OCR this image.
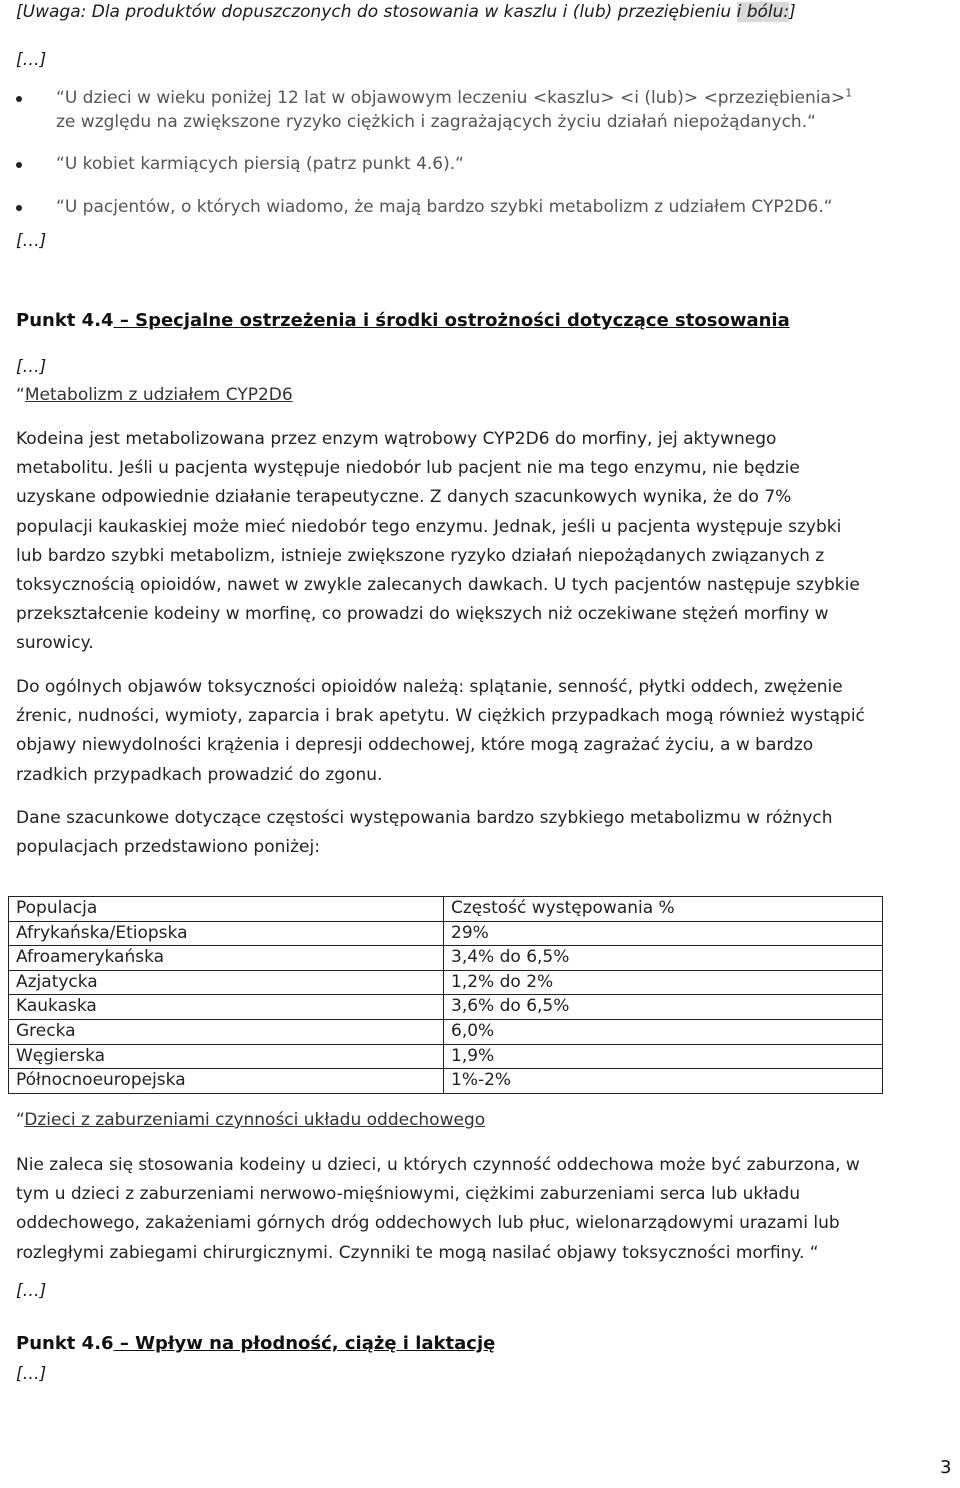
[Uwaga: Dla produktów dopuszczonych do stosowania w kaszlu i (lub) przeziębieniu i bólu:]
[…]
“U dzieci w wieku poniżej 12 lat w objawowym leczeniu <kaszlu> <i (lub)> <przeziębienia>$^1$
ze względu na zwiększone ryzyko ciężkich i zagrażających życiu działań niepożądanych.“
“U kobiet karmiących piersią (patrz punkt 4.6).“
“U pacjentów, o których wiadomo, że mają bardzo szybki metabolizm z udziałem CYP2D6.“
[…]
Punkt 4.4 – Specjalne ostrzeżenia i środki ostrożności dotyczące stosowania
[…]
“Metabolizm z udziałem CYP2D6
Kodeina jest metabolizowana przez enzym wątrobowy CYP2D6 do morfiny, jej aktywnego
metabolitu. Jeśli u pacjenta występuje niedobór lub pacjent nie ma tego enzymu, nie będzie
uzyskane odpowiednie działanie terapeutyczne. Z danych szacunkowych wynika, że do 7%
populacji kaukaskiej może mieć niedobór tego enzymu. Jednak, jeśli u pacjenta występuje szybki
lub bardzo szybki metabolizm, istnieje zwiększone ryzyko działań niepożądanych związanych z
toksycznością opioidów, nawet w zwykle zalecanych dawkach. U tych pacjentów następuje szybkie
przekształcenie kodeiny w morfinę, co prowadzi do większych niż oczekiwane stężeń morfiny w
surowicy.
Do ogólnych objawów toksyczności opioidów należą: splątanie, senność, płytki oddech, zwężenie
źrenic, nudności, wymioty, zaparcia i brak apetytu. W ciężkich przypadkach mogą również wystąpić
objawy niewydolności krążenia i depresji oddechowej, które mogą zagrażać życiu, a w bardzo
rzadkich przypadkach prowadzić do zgonu.
Dane szacunkowe dotyczące częstości występowania bardzo szybkiego metabolizmu w różnych
populacjach przedstawiono poniżej:
Populacja	Częstość występowania %
Afrykańska/Etiopska	29%
Afroamerykańska	3,4% do 6,5%
Azjatycka	1,2% do 2%
Kaukaska	3,6% do 6,5%
Grecka	6,0%
Węgierska	1,9%
Północnoeuropejska	1%-2%
“Dzieci z zaburzeniami czynności układu oddechowego
Nie zaleca się stosowania kodeiny u dzieci, u których czynność oddechowa może być zaburzona, w
tym u dzieci z zaburzeniami nerwowo-mięśniowymi, ciężkimi zaburzeniami serca lub układu
oddechowego, zakażeniami górnych dróg oddechowych lub płuc, wielonarządowymi urazami lub
rozległymi zabiegami chirurgicznymi. Czynniki te mogą nasilać objawy toksyczności morfiny. “
[…]
Punkt 4.6 – Wpływ na płodność, ciążę i laktację
[…]
3
